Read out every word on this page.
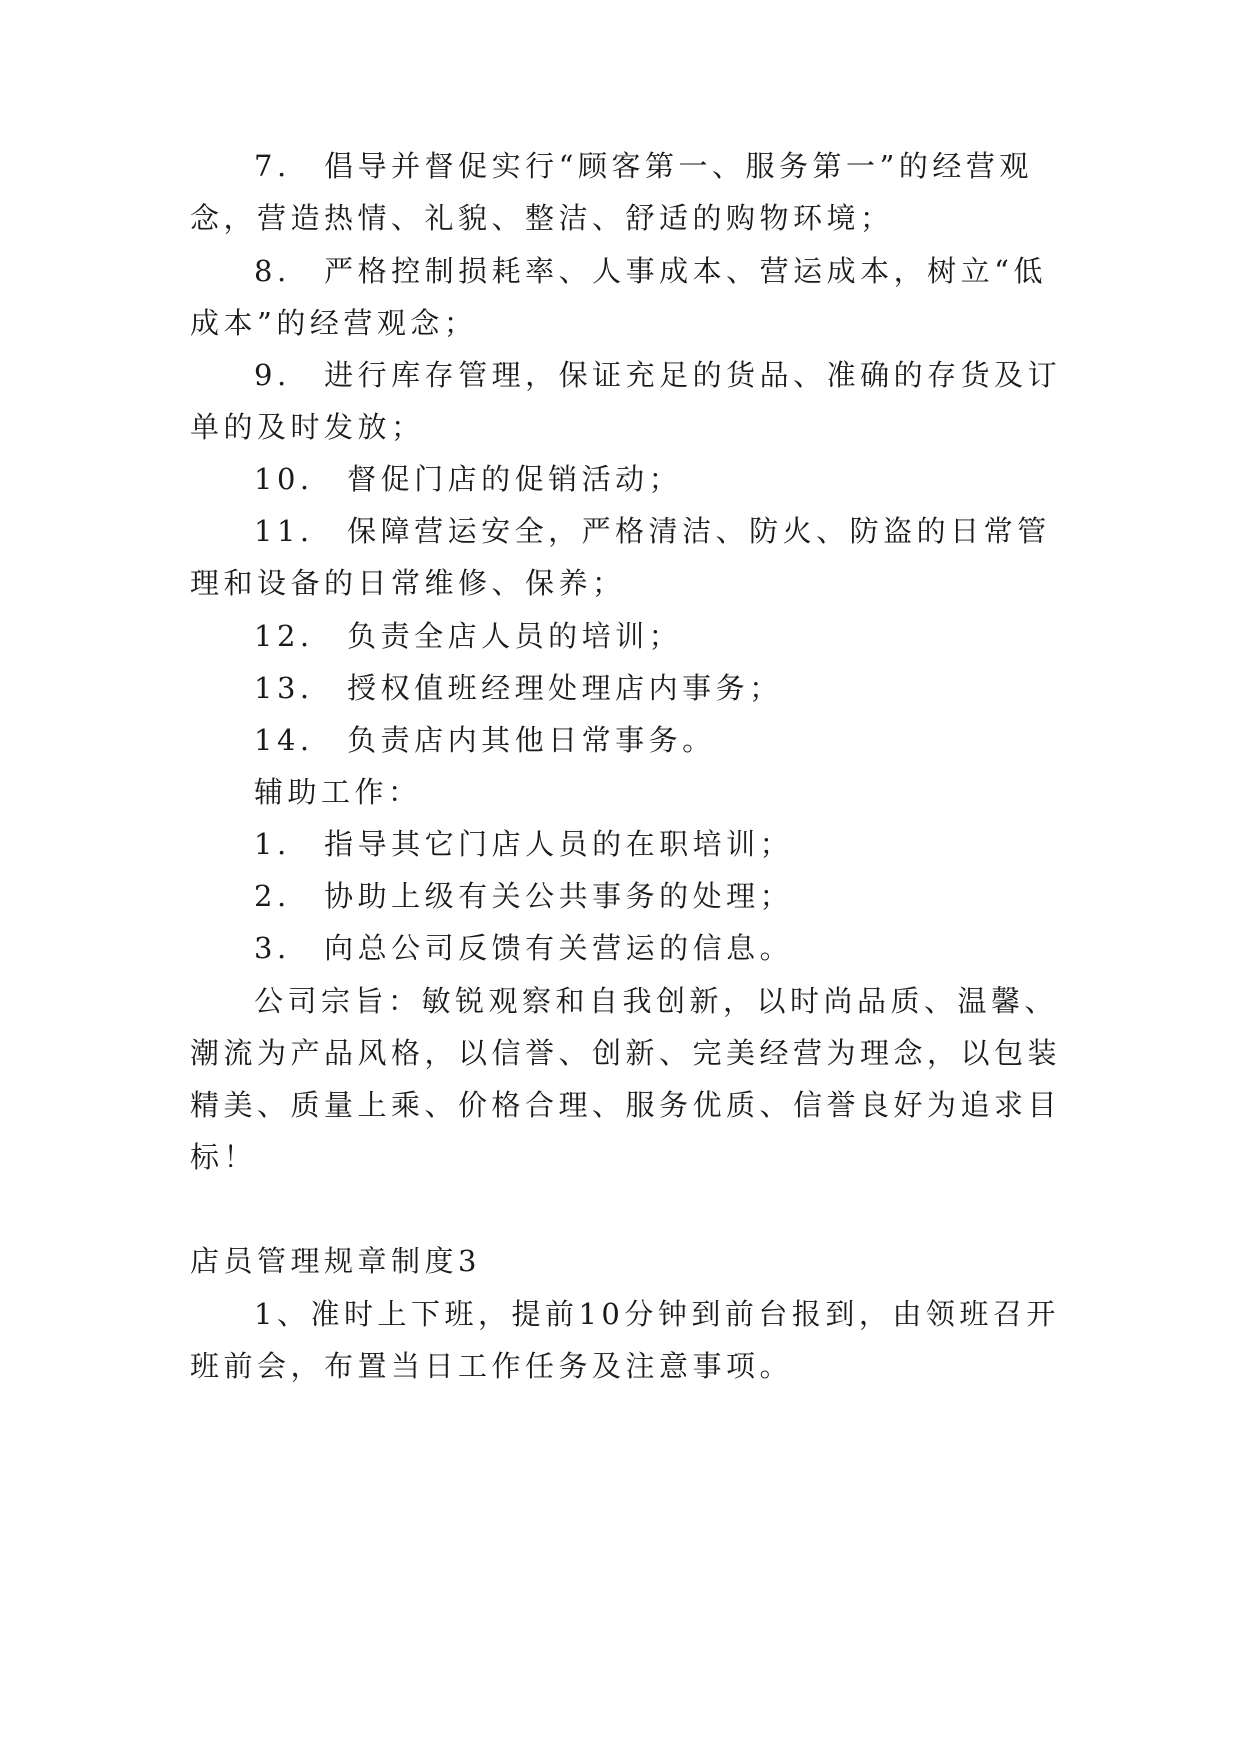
7.　倡导并督促实行“顾客第一、服务第一”的经营观
念，营造热情、礼貌、整洁、舒适的购物环境；
8.　严格控制损耗率、人事成本、营运成本，树立“低
成本”的经营观念；
9.　进行库存管理，保证充足的货品、准确的存货及订
单的及时发放；
10.　督促门店的促销活动；
11.　保障营运安全，严格清洁、防火、防盗的日常管
理和设备的日常维修、保养；
12.　负责全店人员的培训；
13.　授权值班经理处理店内事务；
14.　负责店内其他日常事务。
辅助工作：
1.　指导其它门店人员的在职培训；
2.　协助上级有关公共事务的处理；
3.　向总公司反馈有关营运的信息。
公司宗旨：敏锐观察和自我创新，以时尚品质、温馨、
潮流为产品风格，以信誉、创新、完美经营为理念，以包装
精美、质量上乘、价格合理、服务优质、信誉良好为追求目
标！
店员管理规章制度3
1、准时上下班，提前10分钟到前台报到，由领班召开
班前会，布置当日工作任务及注意事项。
